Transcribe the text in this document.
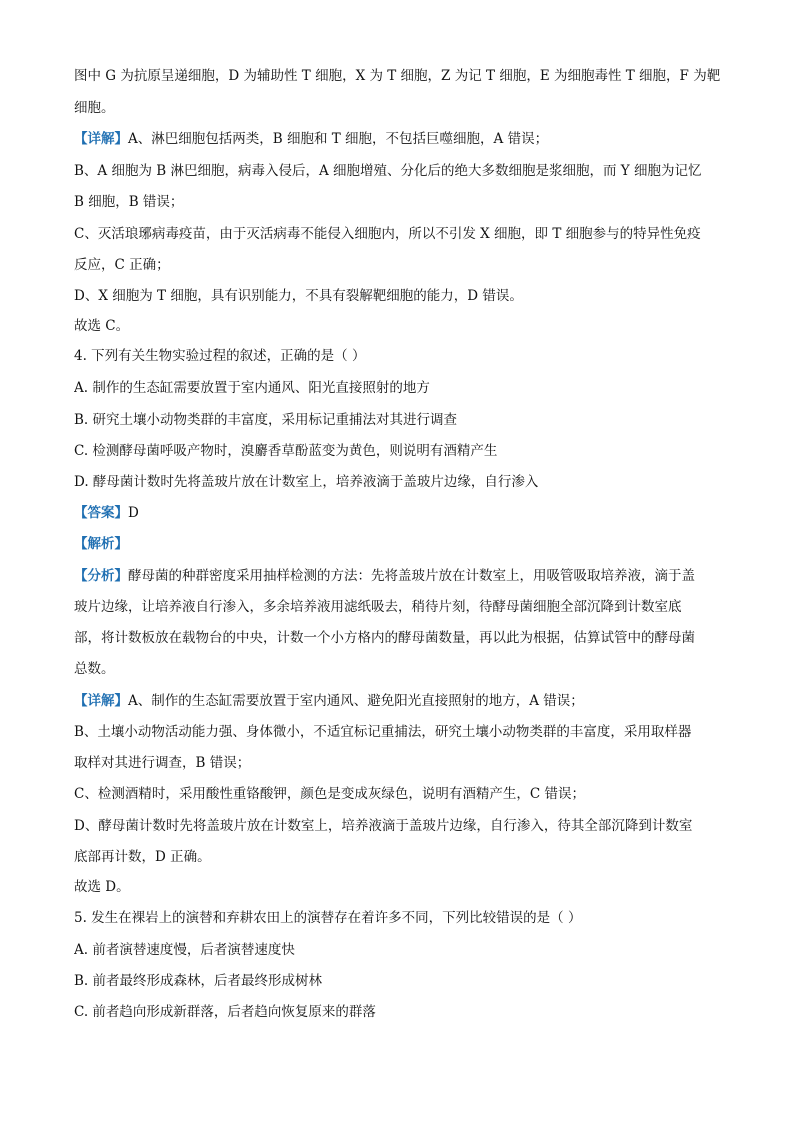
图中 G 为抗原呈递细胞，D 为辅助性 T 细胞，X 为 T 细胞，Z 为记 T 细胞，E 为细胞毒性 T 细胞，F 为靶
细胞。
【详解】A、淋巴细胞包括两类，B 细胞和 T 细胞，不包括巨噬细胞，A 错误；
B、A 细胞为 B 淋巴细胞，病毒入侵后，A 细胞增殖、分化后的绝大多数细胞是浆细胞，而 Y 细胞为记忆
B 细胞，B 错误；
C、灭活琅琊病毒疫苗，由于灭活病毒不能侵入细胞内，所以不引发 X 细胞，即 T 细胞参与的特异性免疫
反应，C 正确；
D、X 细胞为 T 细胞，具有识别能力，不具有裂解靶细胞的能力，D 错误。
故选 C。
4. 下列有关生物实验过程的叙述，正确的是（ ）
A. 制作的生态缸需要放置于室内通风、阳光直接照射的地方
B. 研究土壤小动物类群的丰富度，采用标记重捕法对其进行调查
C. 检测酵母菌呼吸产物时，溴麝香草酚蓝变为黄色，则说明有酒精产生
D. 酵母菌计数时先将盖玻片放在计数室上，培养液滴于盖玻片边缘，自行渗入
【答案】D
【解析】
【分析】酵母菌的种群密度采用抽样检测的方法：先将盖玻片放在计数室上，用吸管吸取培养液，滴于盖
玻片边缘，让培养液自行渗入，多余培养液用滤纸吸去，稍待片刻，待酵母菌细胞全部沉降到计数室底
部，将计数板放在载物台的中央，计数一个小方格内的酵母菌数量，再以此为根据，估算试管中的酵母菌
总数。
【详解】A、制作的生态缸需要放置于室内通风、避免阳光直接照射的地方，A 错误；
B、土壤小动物活动能力强、身体微小，不适宜标记重捕法，研究土壤小动物类群的丰富度，采用取样器
取样对其进行调查，B 错误；
C、检测酒精时，采用酸性重铬酸钾，颜色是变成灰绿色，说明有酒精产生，C 错误；
D、酵母菌计数时先将盖玻片放在计数室上，培养液滴于盖玻片边缘，自行渗入，待其全部沉降到计数室
底部再计数，D 正确。
故选 D。
5. 发生在裸岩上的演替和弃耕农田上的演替存在着许多不同，下列比较错误的是（ ）
A. 前者演替速度慢，后者演替速度快
B. 前者最终形成森林，后者最终形成树林
C. 前者趋向形成新群落，后者趋向恢复原来的群落
